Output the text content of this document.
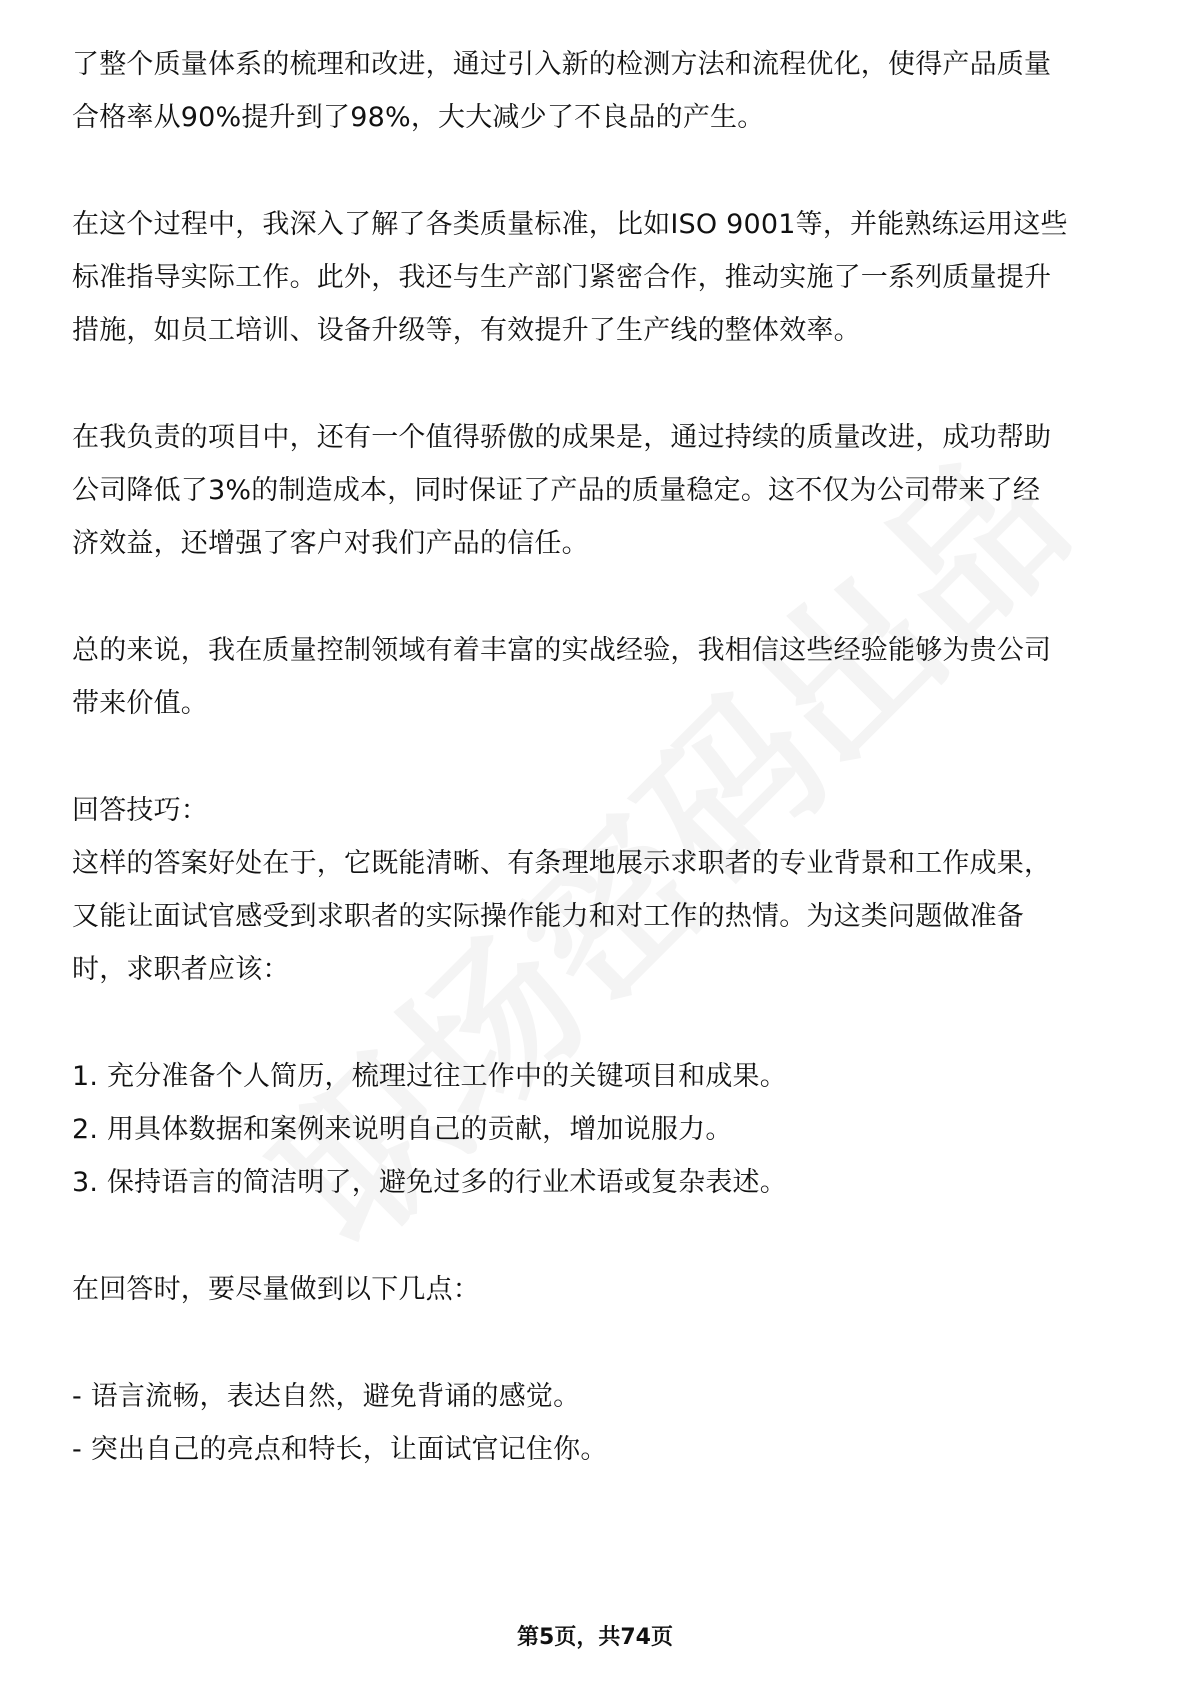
了整个质量体系的梳理和改进，通过引入新的检测方法和流程优化，使得产品质量
合格率从90%提升到了98%，大大减少了不良品的产生。
在这个过程中，我深入了解了各类质量标准，比如ISO 9001等，并能熟练运用这些
标准指导实际工作。此外，我还与生产部门紧密合作，推动实施了一系列质量提升
措施，如员工培训、设备升级等，有效提升了生产线的整体效率。
在我负责的项目中，还有一个值得骄傲的成果是，通过持续的质量改进，成功帮助
公司降低了3%的制造成本，同时保证了产品的质量稳定。这不仅为公司带来了经
济效益，还增强了客户对我们产品的信任。
总的来说，我在质量控制领域有着丰富的实战经验，我相信这些经验能够为贵公司
带来价值。
回答技巧：
这样的答案好处在于，它既能清晰、有条理地展示求职者的专业背景和工作成果，
又能让面试官感受到求职者的实际操作能力和对工作的热情。为这类问题做准备
时，求职者应该：
1. 充分准备个人简历，梳理过往工作中的关键项目和成果。
2. 用具体数据和案例来说明自己的贡献，增加说服力。
3. 保持语言的简洁明了，避免过多的行业术语或复杂表述。
在回答时，要尽量做到以下几点：
- 语言流畅，表达自然，避免背诵的感觉。
- 突出自己的亮点和特长，让面试官记住你。
第5页，共74页
